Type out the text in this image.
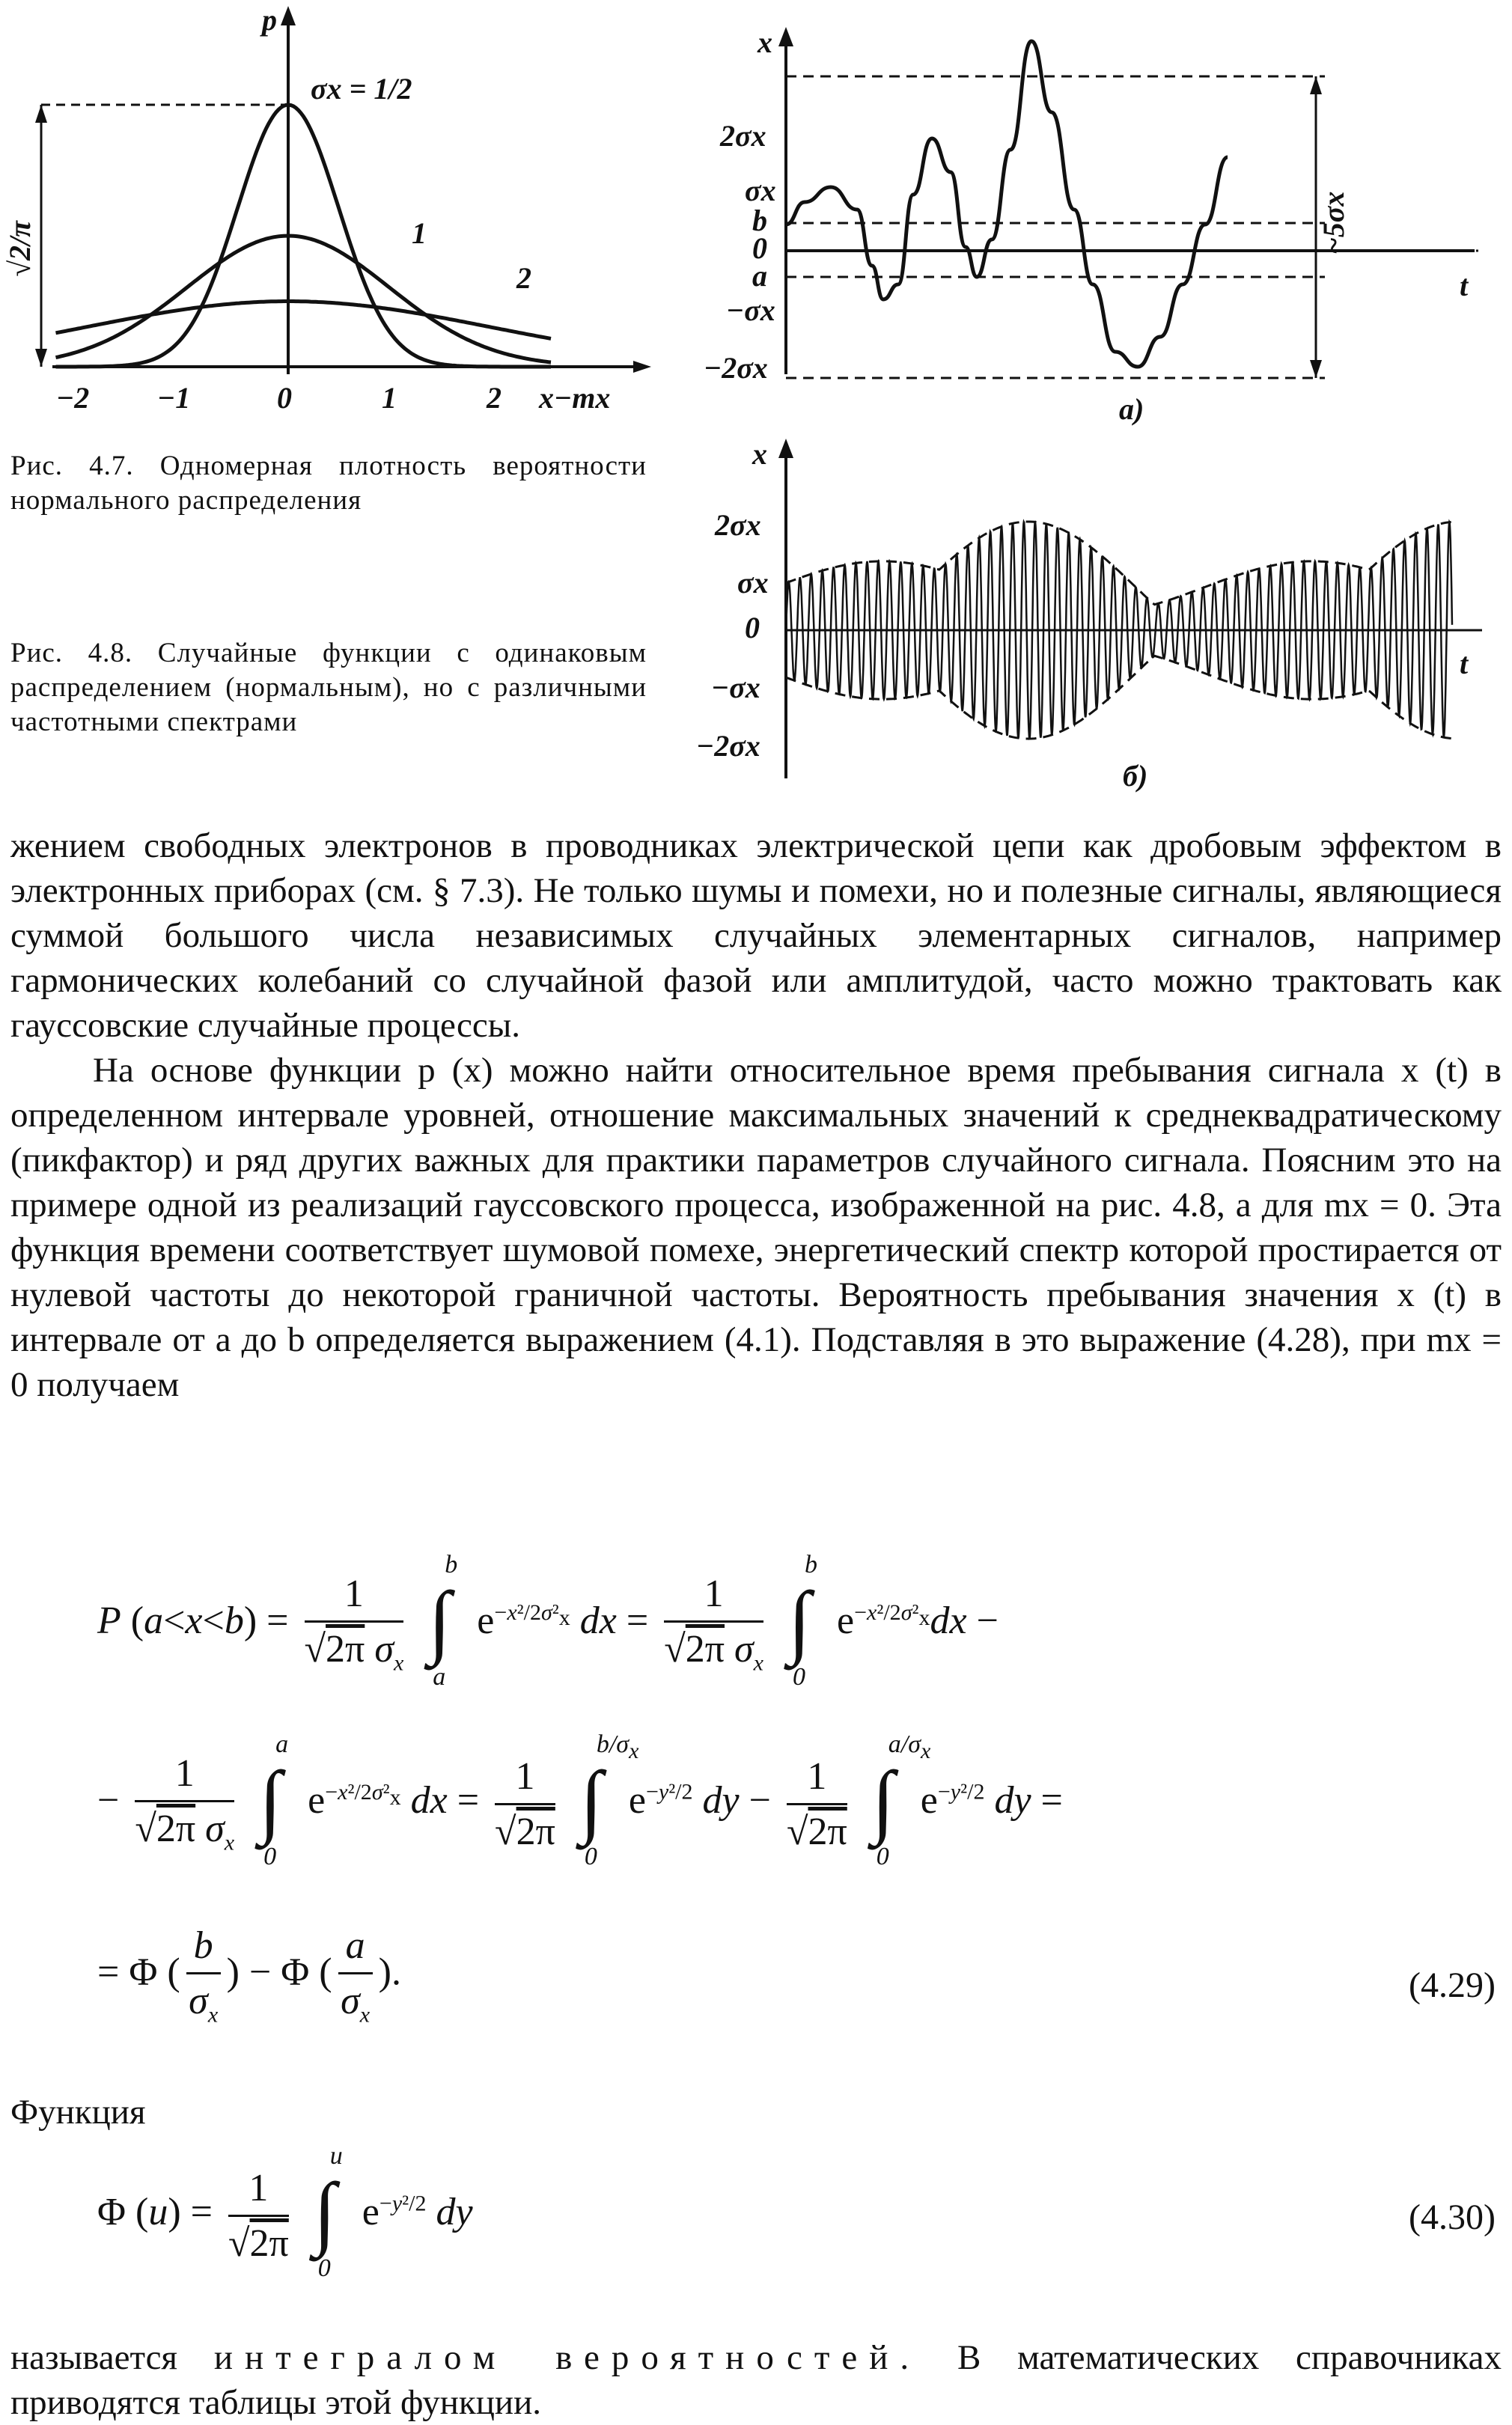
p
σx = 1/2
1
2
√2/π
−2 −1	0	1	2 x−mx
Рис. 4.7. Одномерная плотность вероятности нормального распределения
Рис. 4.8. Случайные функции с одинаковым распределением (нормальным), но с различными частотными спектрами
x
t
~5σx
а)
2σx
σx
b
0
a
−σx
−2σx
x
t
б)
2σx
σx
0
−σx
−2σx

жением свободных электронов в проводниках электрической цепи как дробовым эффектом в электронных приборах (см. § 7.3). Не только шумы и помехи, но и полезные сигналы, являющиеся суммой большого числа независимых случайных элементарных сигналов, например гармонических колебаний со случайной фазой или амплитудой, часто можно трактовать как гауссовские случайные процессы.

На основе функции p (x) можно найти относительное время пребывания сигнала x (t) в определенном интервале уровней, отношение максимальных значений к среднеквадратическому (пикфактор) и ряд других важных для практики параметров случайного сигнала. Поясним это на примере одной из реализаций гауссовского процесса, изображенной на рис. 4.8, a для mx = 0. Эта функция времени соответствует шумовой помехе, энергетический спектр которой простирается от нулевой частоты до некоторой граничной частоты. Вероятность пребывания значения x (t) в интервале от a до b определяется выражением (4.1). Подставляя в это выражение (4.28), при mx = 0 получаем

P $(a<x<b) = \frac{1}{√2\pi \sigma_x}$
∫
b
a
$e^{-x^2/2\sigma^2_x}$ dx = $\frac{1}{√2\pi \sigma_x}$
∫
b
0
$e^{-x^2/2\sigma^2_x}dx$ −
− $\frac{1}{√2\pi \sigma_x}$
∫
a
0
$e^{-x^2/2\sigma^2_x}$ dx = $\frac{1}{√2\pi}$
∫
$b/\sigma_x$
0
$e^{-y^2/2}$ dy − $\frac{1}{√2\pi}$
∫
$a/\sigma_x$
0
$e^{-y^2/2}$ dy =
= Φ ( $\frac{b}{\sigma_x}$ ) − Φ ( $\frac{a}{\sigma_x}$ ).	(4.29)
Функция
Φ $(u) = \frac{1}{√2\pi}$
∫
u
0
$e^{-y^2/2}$ dy	(4.30)

называется интегралом вероятностей. В математических справочниках приводятся таблицы этой функции.
